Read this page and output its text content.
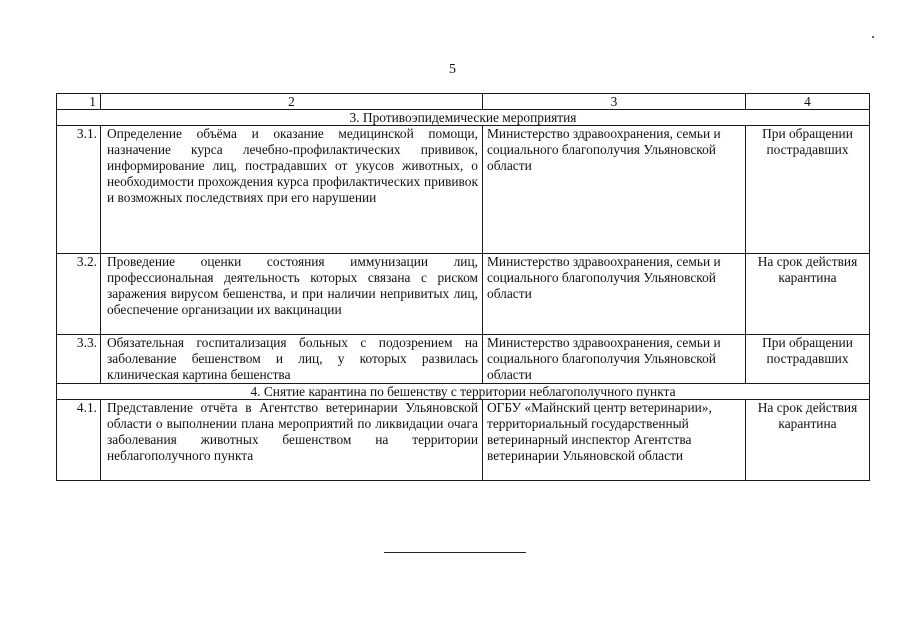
5
1	2	3	4
3. Противоэпидемические мероприятия			
3.1.	Определение объёма и оказание медицинской помощи, назначение курса лечебно-профилактических прививок, информирование лиц, пострадавших от укусов животных, о необходимости прохождения курса профилактических прививок и возможных последствиях при его нарушении	Министерство здравоохранения, семьи и социального благополучия Ульяновской области	При обращении пострадавших
3.2.	Проведение оценки состояния иммунизации лиц, профессиональная деятельность которых связана с риском заражения вирусом бешенства, и при наличии непривитых лиц, обеспечение организации их вакцинации	Министерство здравоохранения, семьи и социального благополучия Ульяновской области	На срок действия карантина
3.3.	Обязательная госпитализация больных с подозрением на заболевание бешенством и лиц, у которых развилась клиническая картина бешенства	Министерство здравоохранения, семьи и социального благополучия Ульяновской области	При обращении пострадавших
4. Снятие карантина по бешенству с территории неблагополучного пункта			
4.1.	Представление отчёта в Агентство ветеринарии Ульяновской области о выполнении плана мероприятий по ликвидации очага заболевания животных бешенством на территории неблагополучного пункта	ОГБУ «Майнский центр ветеринарии», территориальный государственный ветеринарный инспектор Агентства ветеринарии Ульяновской области	На срок действия карантина
